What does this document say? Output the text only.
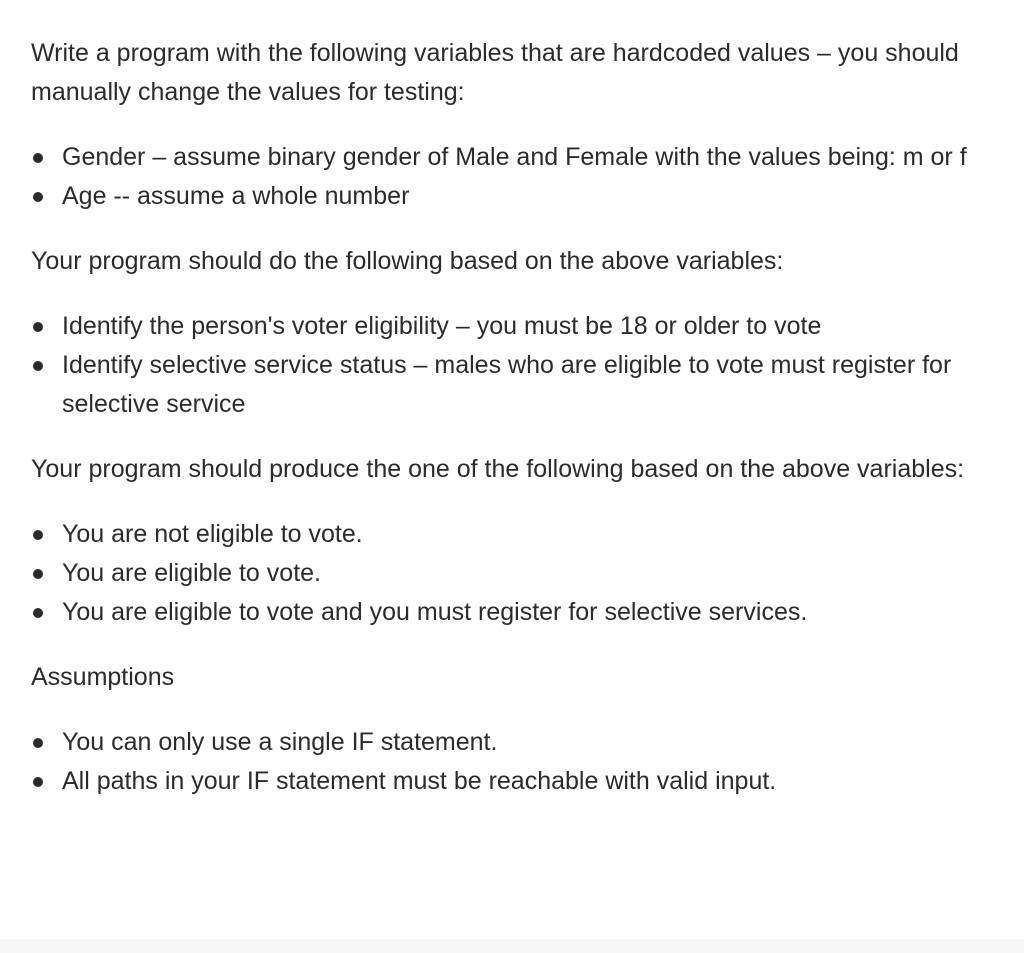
Write a program with the following variables that are hardcoded values – you should manually change the values for testing:

Gender – assume binary gender of Male and Female with the values being: m or f
Age -- assume a whole number

Your program should do the following based on the above variables:

Identify the person's voter eligibility – you must be 18 or older to vote
Identify selective service status – males who are eligible to vote must register for selective service

Your program should produce the one of the following based on the above variables:

You are not eligible to vote.
You are eligible to vote.
You are eligible to vote and you must register for selective services.

Assumptions

You can only use a single IF statement.
All paths in your IF statement must be reachable with valid input.
